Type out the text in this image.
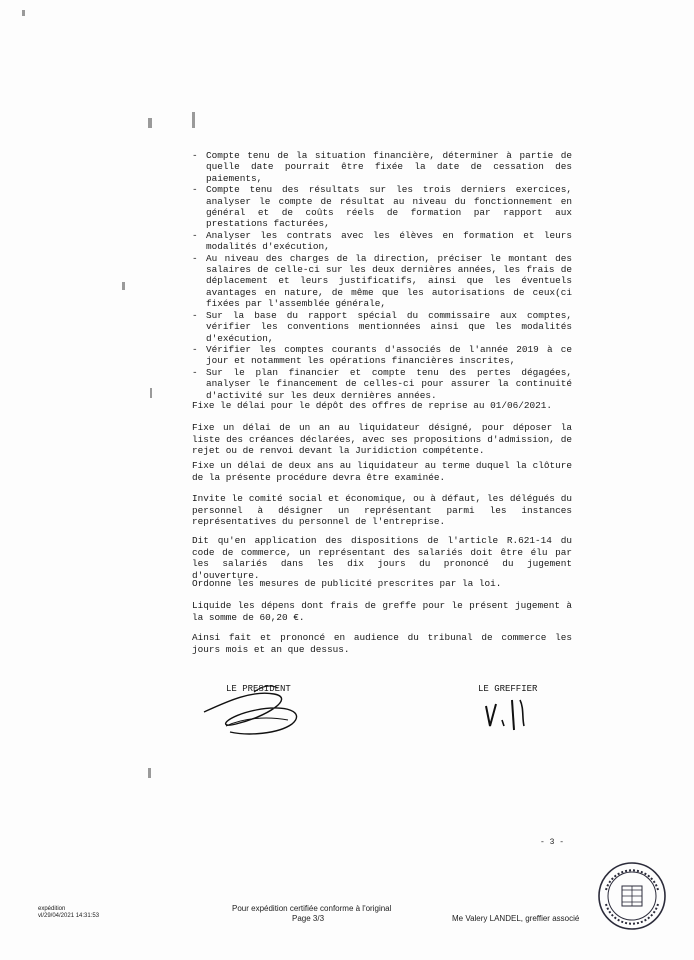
- Compte tenu de la situation financière, déterminer à partie de quelle date pourrait être fixée la date de cessation des paiements,
- Compte tenu des résultats sur les trois derniers exercices, analyser le compte de résultat au niveau du fonctionnement en général et de coûts réels de formation par rapport aux prestations facturées,
- Analyser les contrats avec les élèves en formation et leurs modalités d'exécution,
- Au niveau des charges de la direction, préciser le montant des salaires de celle-ci sur les deux dernières années, les frais de déplacement et leurs justificatifs, ainsi que les éventuels avantages en nature, de même que les autorisations de ceux(ci fixées par l'assemblée générale,
- Sur la base du rapport spécial du commissaire aux comptes, vérifier les conventions mentionnées ainsi que les modalités d'exécution,
- Vérifier les comptes courants d'associés de l'année 2019 à ce jour et notamment les opérations financières inscrites,
- Sur le plan financier et compte tenu des pertes dégagées, analyser le financement de celles-ci pour assurer la continuité d'activité sur les deux dernières années.

Fixe le délai pour le dépôt des offres de reprise au 01/06/2021.

Fixe un délai de un an au liquidateur désigné, pour déposer la liste des créances déclarées, avec ses propositions d'admission, de rejet ou de renvoi devant la Juridiction compétente.

Fixe un délai de deux ans au liquidateur au terme duquel la clôture de la présente procédure devra être examinée.

Invite le comité social et économique, ou à défaut, les délégués du personnel à désigner un représentant parmi les instances représentatives du personnel de l'entreprise.

Dit qu'en application des dispositions de l'article R.621-14 du code de commerce, un représentant des salariés doit être élu par les salariés dans les dix jours du prononcé du jugement d'ouverture.

Ordonne les mesures de publicité prescrites par la loi.

Liquide les dépens dont frais de greffe pour le présent jugement à la somme de 60,20 €.

Ainsi fait et prononcé en audience du tribunal de commerce les jours mois et an que dessus.

LE PRESIDENT	LE GREFFIER
- 3 -
expédition
vl/29/04/2021 14:31:53
Pour expédition certifiée conforme à l'original
Page 3/3	Me Valery LANDEL, greffier associé
